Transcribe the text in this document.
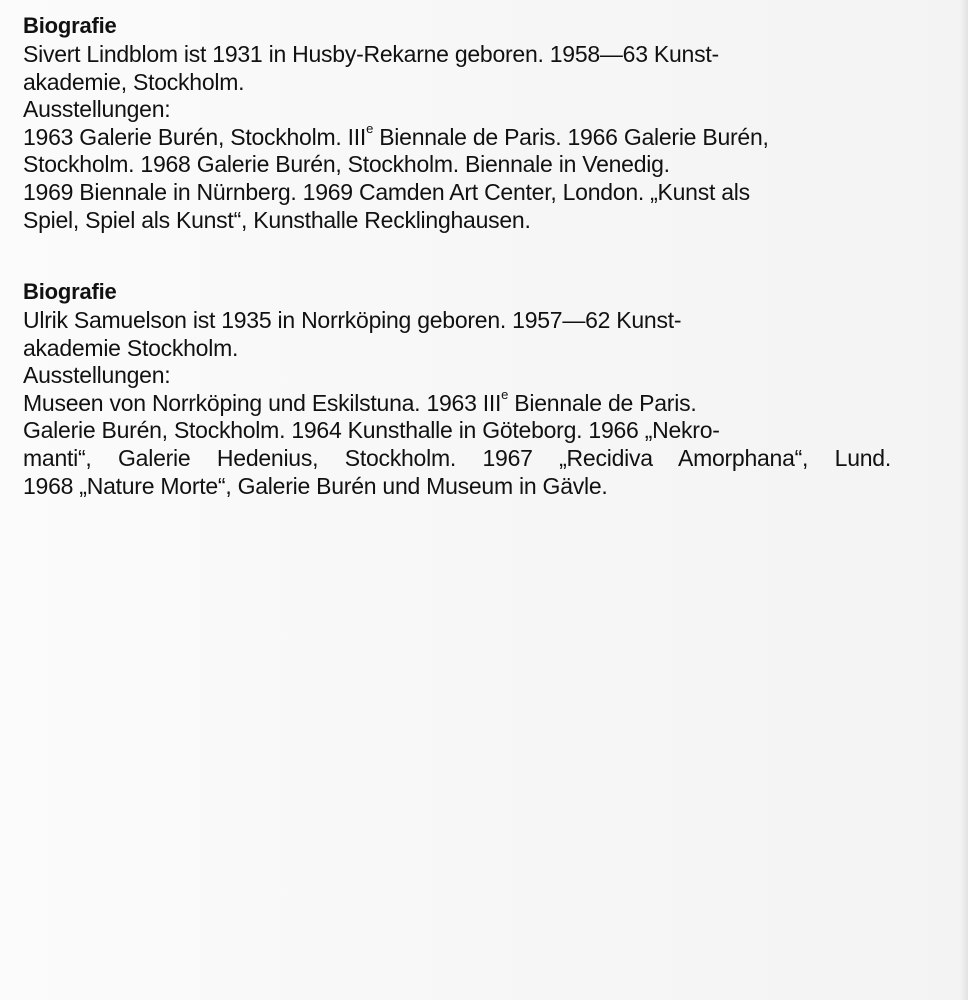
Biografie
Sivert Lindblom ist 1931 in Husby-Rekarne geboren. 1958—63 Kunst-
akademie, Stockholm.
Ausstellungen:
1963 Galerie Burén, Stockholm. IIIe Biennale de Paris. 1966 Galerie Burén,
Stockholm. 1968 Galerie Burén, Stockholm. Biennale in Venedig.
1969 Biennale in Nürnberg. 1969 Camden Art Center, London. „Kunst als
Spiel, Spiel als Kunst“, Kunsthalle Recklinghausen.
Biografie
Ulrik Samuelson ist 1935 in Norrköping geboren. 1957—62 Kunst-
akademie Stockholm.
Ausstellungen:
Museen von Norrköping und Eskilstuna. 1963 IIIe Biennale de Paris.
Galerie Burén, Stockholm. 1964 Kunsthalle in Göteborg. 1966 „Nekro-
manti“, Galerie Hedenius, Stockholm. 1967 „Recidiva Amorphana“, Lund.
1968 „Nature Morte“, Galerie Burén und Museum in Gävle.
